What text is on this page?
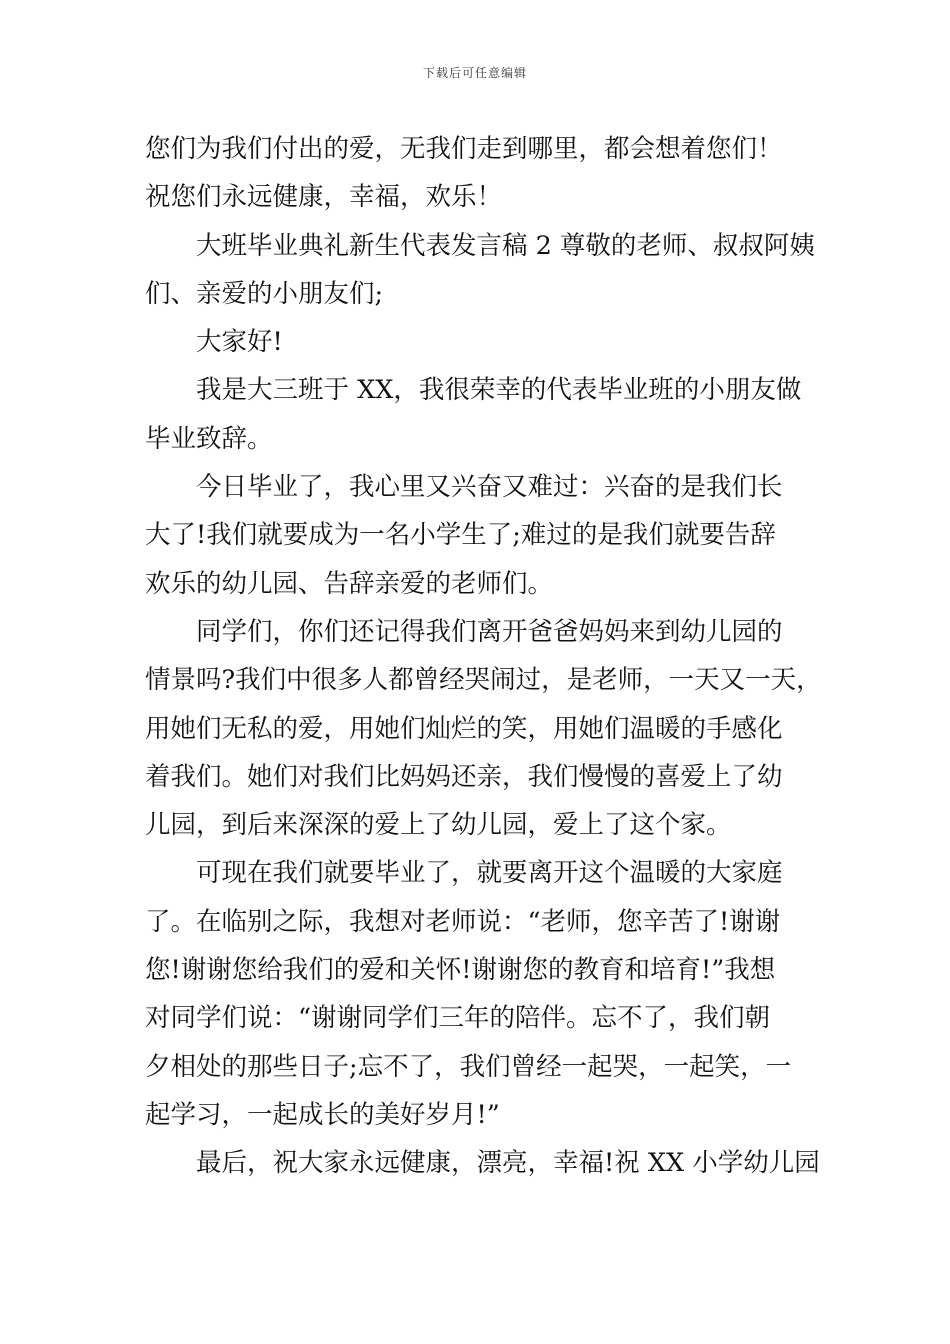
下载后可任意编辑
您们为我们付出的爱，无我们走到哪里，都会想着您们！
祝您们永远健康，幸福，欢乐！
大班毕业典礼新生代表发言稿 2 尊敬的老师、叔叔阿姨
们、亲爱的小朋友们;
大家好!
我是大三班于 XX，我很荣幸的代表毕业班的小朋友做
毕业致辞。
今日毕业了，我心里又兴奋又难过：兴奋的是我们长
大了!我们就要成为一名小学生了;难过的是我们就要告辞
欢乐的幼儿园、告辞亲爱的老师们。
同学们，你们还记得我们离开爸爸妈妈来到幼儿园的
情景吗?我们中很多人都曾经哭闹过，是老师，一天又一天，
用她们无私的爱，用她们灿烂的笑，用她们温暖的手感化
着我们。她们对我们比妈妈还亲，我们慢慢的喜爱上了幼
儿园，到后来深深的爱上了幼儿园，爱上了这个家。
可现在我们就要毕业了，就要离开这个温暖的大家庭
了。在临别之际，我想对老师说：“老师，您辛苦了!谢谢
您!谢谢您给我们的爱和关怀!谢谢您的教育和培育!”我想
对同学们说：“谢谢同学们三年的陪伴。忘不了，我们朝
夕相处的那些日子;忘不了，我们曾经一起哭，一起笑，一
起学习，一起成长的美好岁月!”
最后，祝大家永远健康，漂亮，幸福!祝 XX 小学幼儿园
